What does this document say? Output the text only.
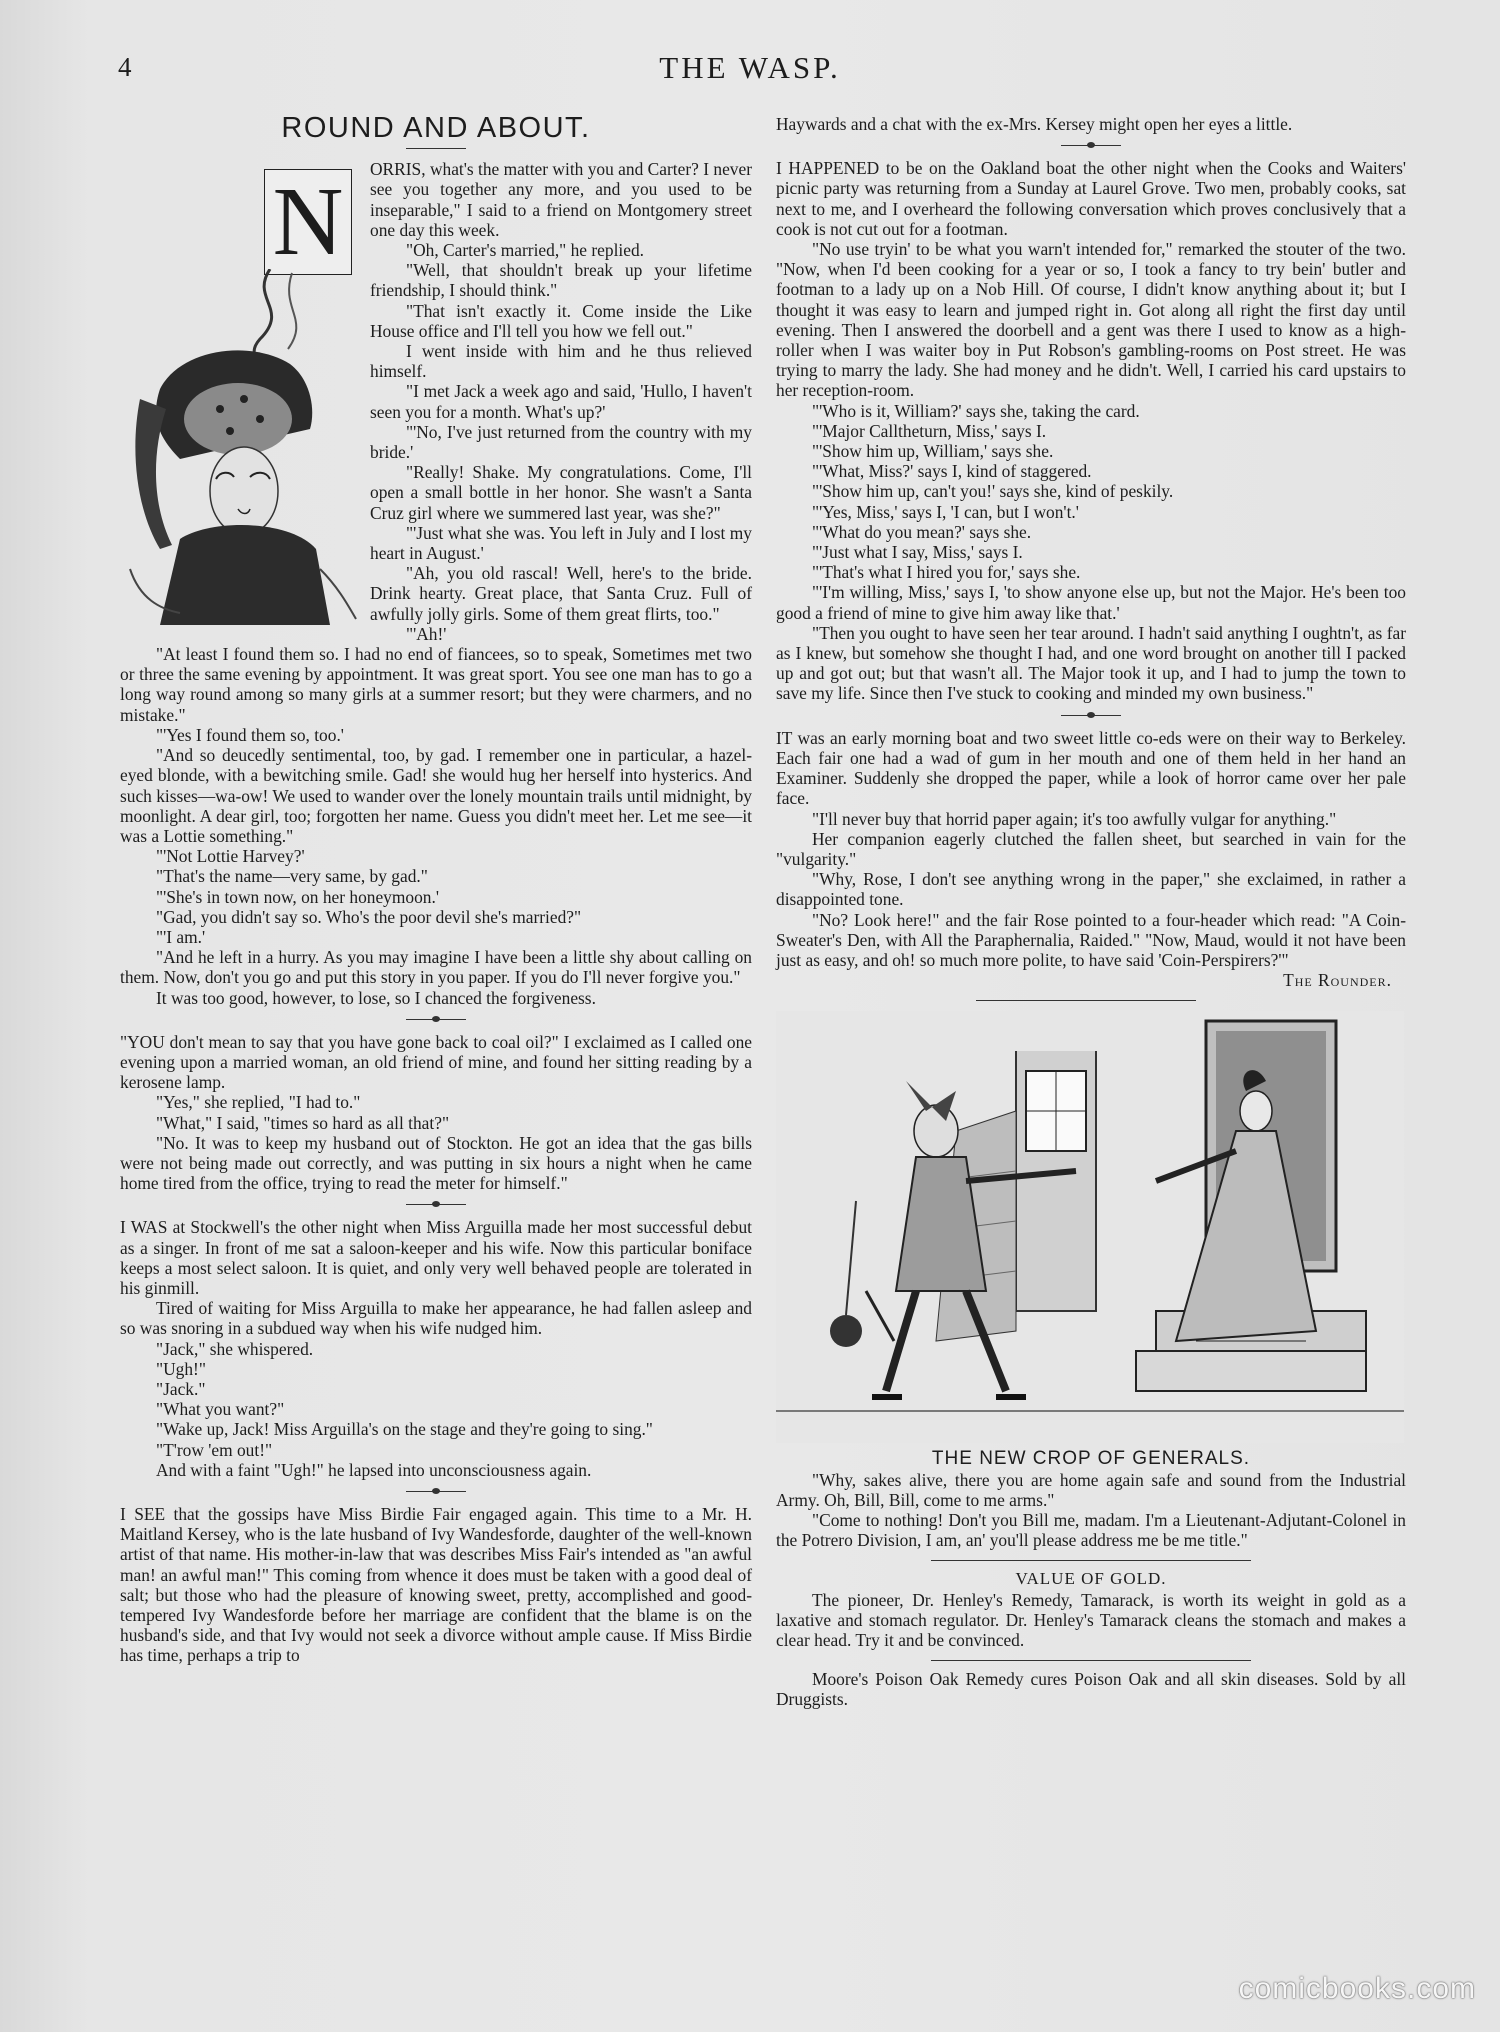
4	THE WASP.
ROUND AND ABOUT.
N	ORRIS, what's the matter with you and Carter? I never see you together any more, and you used to be inseparable," I said to a friend on Montgomery street one day this week.

"Oh, Carter's married," he replied.

"Well, that shouldn't break up your lifetime friendship, I should think."

"That isn't exactly it. Come inside the Like House office and I'll tell you how we fell out."

I went inside with him and he thus relieved himself.

"I met Jack a week ago and said, 'Hullo, I haven't seen you for a month. What's up?'

"'No, I've just returned from the country with my bride.'

"Really! Shake. My congratulations. Come, I'll open a small bottle in her honor. She wasn't a Santa Cruz girl where we summered last year, was she?"

"'Just what she was. You left in July and I lost my heart in August.'

"Ah, you old rascal! Well, here's to the bride. Drink hearty. Great place, that Santa Cruz. Full of awfully jolly girls. Some of them great flirts, too."

"'Ah!'

"At least I found them so. I had no end of fiancees, so to speak, Sometimes met two or three the same evening by appointment. It was great sport. You see one man has to go a long way round among so many girls at a summer resort; but they were charmers, and no mistake."

"'Yes I found them so, too.'

"And so deucedly sentimental, too, by gad. I remember one in particular, a hazel-eyed blonde, with a bewitching smile. Gad! she would hug her herself into hysterics. And such kisses—wa-ow! We used to wander over the lonely mountain trails until midnight, by moonlight. A dear girl, too; forgotten her name. Guess you didn't meet her. Let me see—it was a Lottie something."

"'Not Lottie Harvey?'

"That's the name—very same, by gad."

"'She's in town now, on her honeymoon.'

"Gad, you didn't say so. Who's the poor devil she's married?"

"'I am.'

"And he left in a hurry. As you may imagine I have been a little shy about calling on them. Now, don't you go and put this story in you paper. If you do I'll never forgive you."

It was too good, however, to lose, so I chanced the forgiveness.

"YOU don't mean to say that you have gone back to coal oil?" I exclaimed as I called one evening upon a married woman, an old friend of mine, and found her sitting reading by a kerosene lamp.

"Yes," she replied, "I had to."

"What," I said, "times so hard as all that?"

"No. It was to keep my husband out of Stockton. He got an idea that the gas bills were not being made out correctly, and was putting in six hours a night when he came home tired from the office, trying to read the meter for himself."

I WAS at Stockwell's the other night when Miss Arguilla made her most successful debut as a singer. In front of me sat a saloon-keeper and his wife. Now this particular boniface keeps a most select saloon. It is quiet, and only very well behaved people are tolerated in his ginmill.

Tired of waiting for Miss Arguilla to make her appearance, he had fallen asleep and so was snoring in a subdued way when his wife nudged him.

"Jack," she whispered.

"Ugh!"

"Jack."

"What you want?"

"Wake up, Jack! Miss Arguilla's on the stage and they're going to sing."

"T'row 'em out!"

And with a faint "Ugh!" he lapsed into unconsciousness again.

I SEE that the gossips have Miss Birdie Fair engaged again. This time to a Mr. H. Maitland Kersey, who is the late husband of Ivy Wandesforde, daughter of the well-known artist of that name. His mother-in-law that was describes Miss Fair's intended as "an awful man! an awful man!" This coming from whence it does must be taken with a good deal of salt; but those who had the pleasure of knowing sweet, pretty, accomplished and good-tempered Ivy Wandesforde before her marriage are confident that the blame is on the husband's side, and that Ivy would not seek a divorce without ample cause. If Miss Birdie has time, perhaps a trip to

Haywards and a chat with the ex-Mrs. Kersey might open her eyes a little.

I HAPPENED to be on the Oakland boat the other night when the Cooks and Waiters' picnic party was returning from a Sunday at Laurel Grove. Two men, probably cooks, sat next to me, and I overheard the following conversation which proves conclusively that a cook is not cut out for a footman.

"No use tryin' to be what you warn't intended for," remarked the stouter of the two. "Now, when I'd been cooking for a year or so, I took a fancy to try bein' butler and footman to a lady up on a Nob Hill. Of course, I didn't know anything about it; but I thought it was easy to learn and jumped right in. Got along all right the first day until evening. Then I answered the doorbell and a gent was there I used to know as a high-roller when I was waiter boy in Put Robson's gambling-rooms on Post street. He was trying to marry the lady. She had money and he didn't. Well, I carried his card upstairs to her reception-room.

"'Who is it, William?' says she, taking the card.

"'Major Calltheturn, Miss,' says I.

"'Show him up, William,' says she.

"'What, Miss?' says I, kind of staggered.

"'Show him up, can't you!' says she, kind of peskily.

"'Yes, Miss,' says I, 'I can, but I won't.'

"'What do you mean?' says she.

"'Just what I say, Miss,' says I.

"'That's what I hired you for,' says she.

"'I'm willing, Miss,' says I, 'to show anyone else up, but not the Major. He's been too good a friend of mine to give him away like that.'

"Then you ought to have seen her tear around. I hadn't said anything I oughtn't, as far as I knew, but somehow she thought I had, and one word brought on another till I packed up and got out; but that wasn't all. The Major took it up, and I had to jump the town to save my life. Since then I've stuck to cooking and minded my own business."

IT was an early morning boat and two sweet little co-eds were on their way to Berkeley. Each fair one had a wad of gum in her mouth and one of them held in her hand an Examiner. Suddenly she dropped the paper, while a look of horror came over her pale face.

"I'll never buy that horrid paper again; it's too awfully vulgar for anything."

Her companion eagerly clutched the fallen sheet, but searched in vain for the "vulgarity."

"Why, Rose, I don't see anything wrong in the paper," she exclaimed, in rather a disappointed tone.

"No? Look here!" and the fair Rose pointed to a four-header which read: "A Coin-Sweater's Den, with All the Paraphernalia, Raided." "Now, Maud, would it not have been just as easy, and oh! so much more polite, to have said 'Coin-Perspirers?'"

The Rounder.

THE NEW CROP OF GENERALS.

"Why, sakes alive, there you are home again safe and sound from the Industrial Army. Oh, Bill, Bill, come to me arms."

"Come to nothing! Don't you Bill me, madam. I'm a Lieutenant-Adjutant-Colonel in the Potrero Division, I am, an' you'll please address me be me title."

VALUE OF GOLD.

The pioneer, Dr. Henley's Remedy, Tamarack, is worth its weight in gold as a laxative and stomach regulator. Dr. Henley's Tamarack cleans the stomach and makes a clear head. Try it and be convinced.

Moore's Poison Oak Remedy cures Poison Oak and all skin diseases. Sold by all Druggists.

comicbooks.com
